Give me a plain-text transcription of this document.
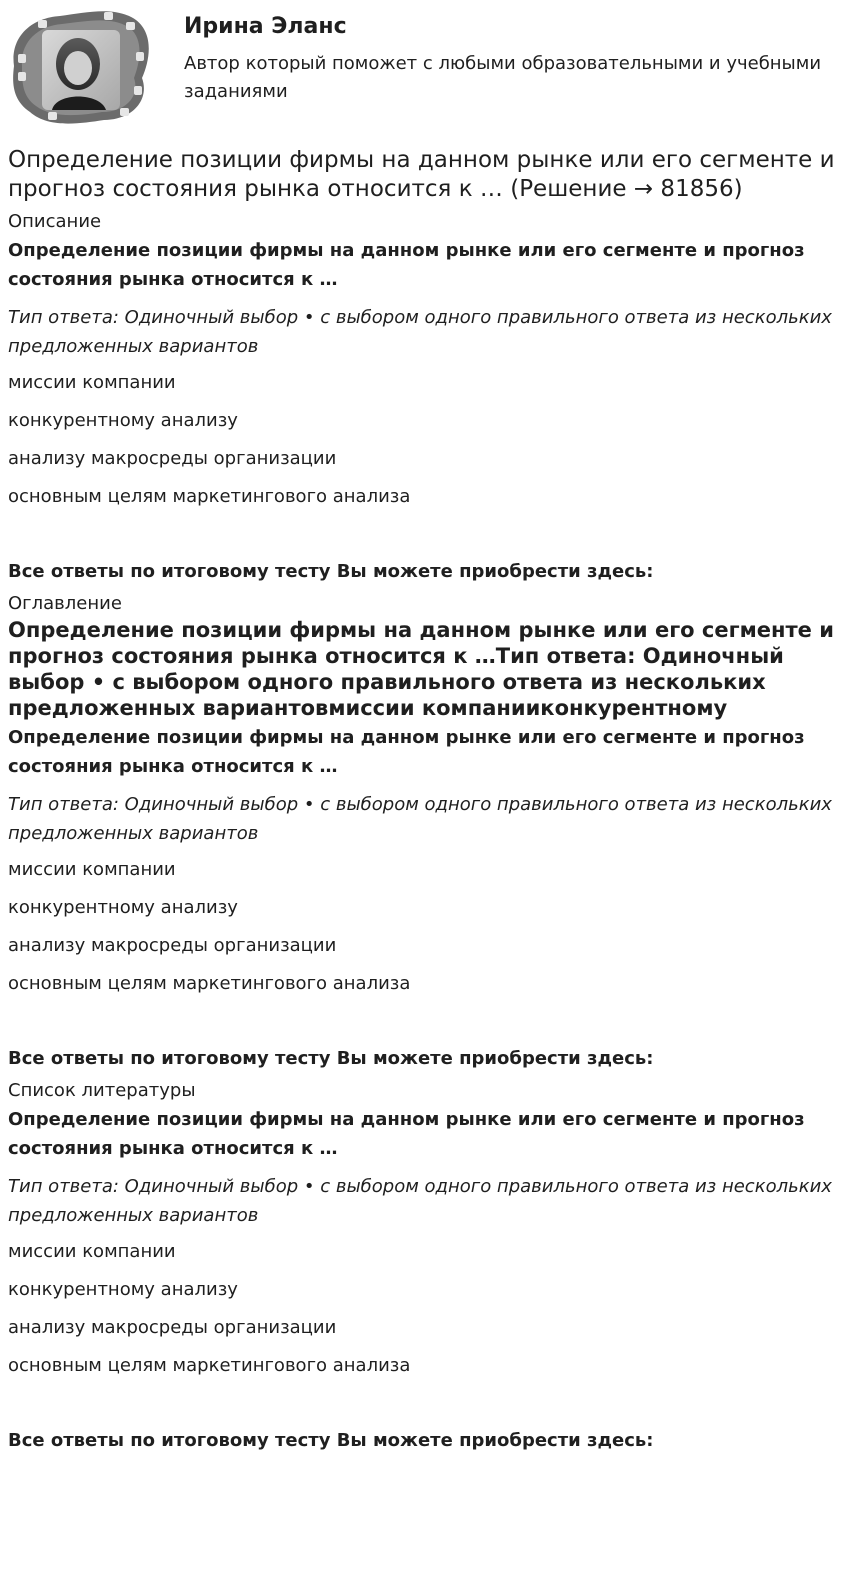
Ирина Эланс
Автор который поможет с любыми образовательными и учебными заданиями
Определение позиции фирмы на данном рынке или его сегменте и прогноз состояния рынка относится к … (Решение → 81856)
Описание
Определение позиции фирмы на данном рынке или его сегменте и прогноз состояния рынка относится к …
Тип ответа: Одиночный выбор • с выбором одного правильного ответа из нескольких предложенных вариантов
миссии компании
конкурентному анализу
анализу макросреды организации
основным целям маркетингового анализа
Все ответы по итоговому тесту Вы можете приобрести здесь:
Оглавление
Определение позиции фирмы на данном рынке или его сегменте и прогноз состояния рынка относится к …Тип ответа: Одиночный выбор • с выбором одного правильного ответа из нескольких предложенных вариантовмиссии компанииконкурентному
Определение позиции фирмы на данном рынке или его сегменте и прогноз состояния рынка относится к …
Тип ответа: Одиночный выбор • с выбором одного правильного ответа из нескольких предложенных вариантов
миссии компании
конкурентному анализу
анализу макросреды организации
основным целям маркетингового анализа
Все ответы по итоговому тесту Вы можете приобрести здесь:
Список литературы
Определение позиции фирмы на данном рынке или его сегменте и прогноз состояния рынка относится к …
Тип ответа: Одиночный выбор • с выбором одного правильного ответа из нескольких предложенных вариантов
миссии компании
конкурентному анализу
анализу макросреды организации
основным целям маркетингового анализа
Все ответы по итоговому тесту Вы можете приобрести здесь:
